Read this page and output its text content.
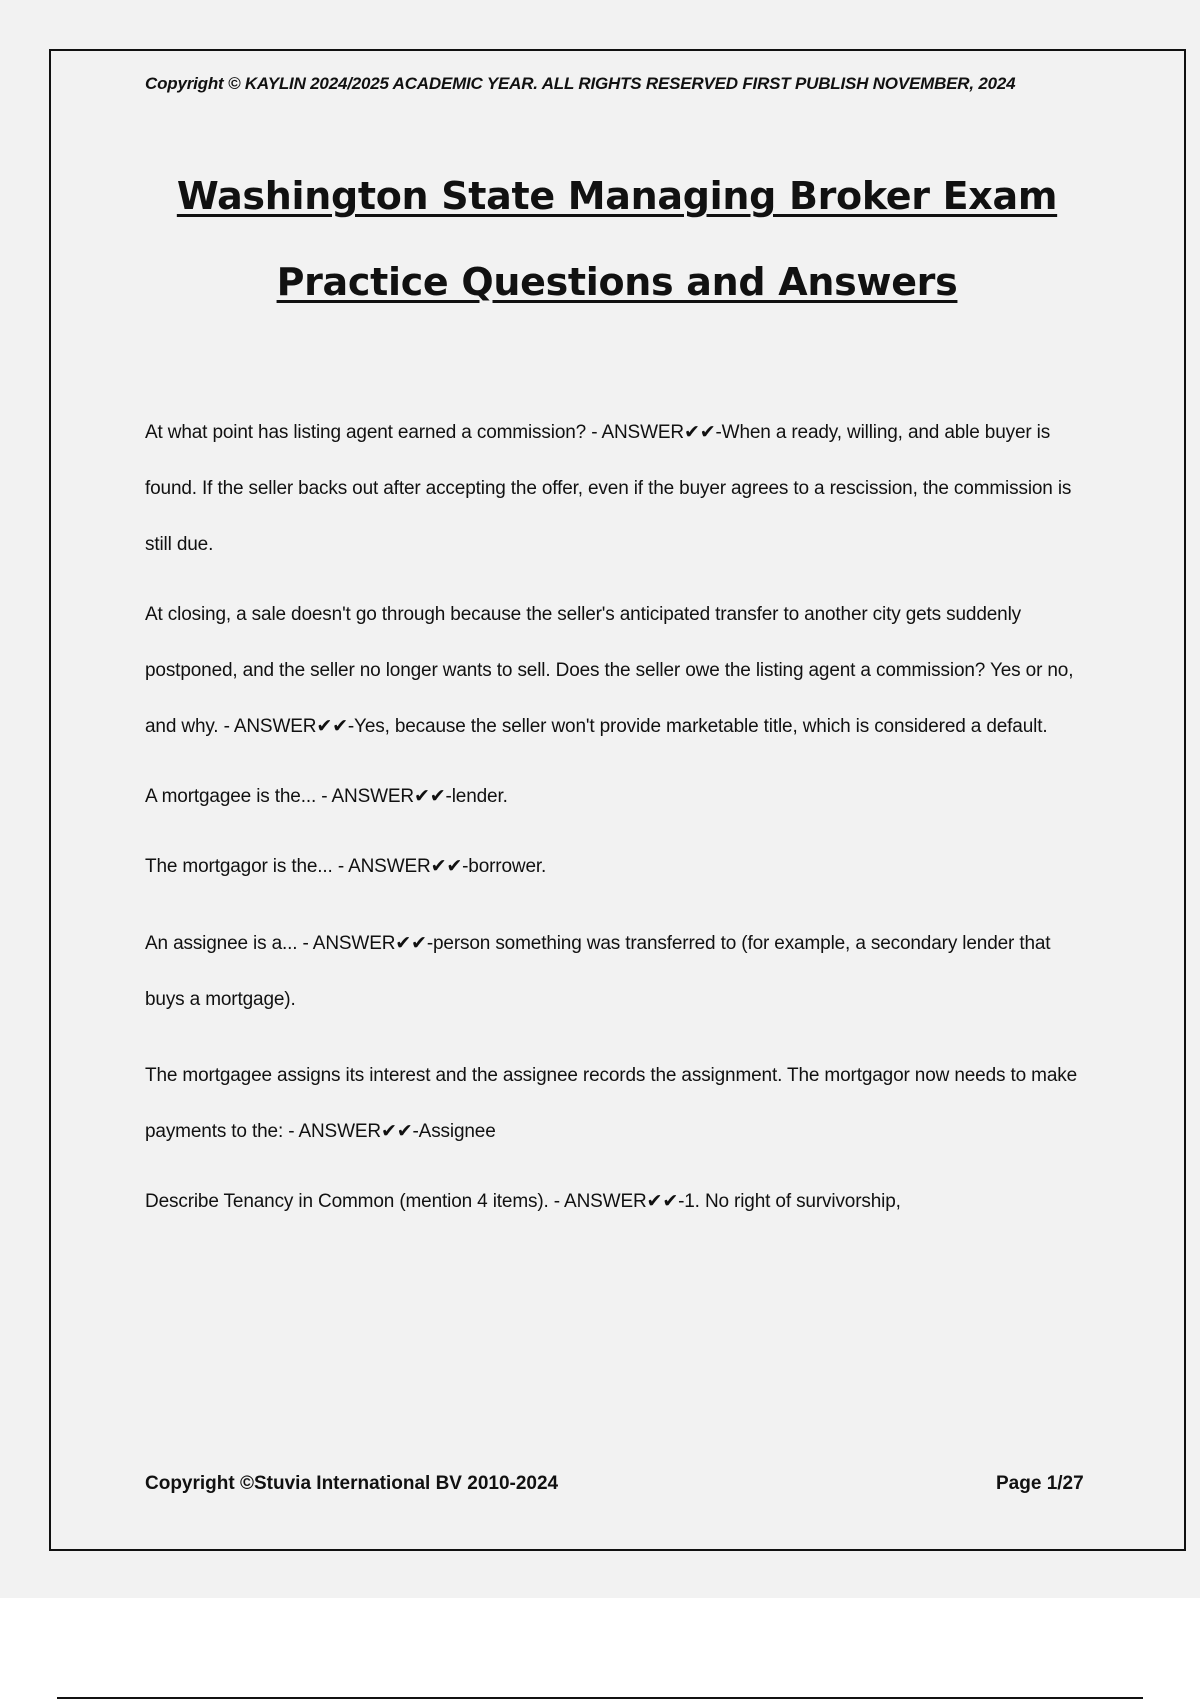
Copyright © KAYLIN 2024/2025 ACADEMIC YEAR. ALL RIGHTS RESERVED FIRST PUBLISH NOVEMBER, 2024
Washington State Managing Broker Exam
Practice Questions and Answers

At what point has listing agent earned a commission? - ANSWER✔✔-When a ready, willing, and able buyer is found. If the seller backs out after accepting the offer, even if the buyer agrees to a rescission, the commission is still due.

At closing, a sale doesn't go through because the seller's anticipated transfer to another city gets suddenly postponed, and the seller no longer wants to sell. Does the seller owe the listing agent a commission? Yes or no, and why. - ANSWER✔✔-Yes, because the seller won't provide marketable title, which is considered a default.

A mortgagee is the... - ANSWER✔✔-lender.

The mortgagor is the... - ANSWER✔✔-borrower.

An assignee is a... - ANSWER✔✔-person something was transferred to (for example, a secondary lender that buys a mortgage).

The mortgagee assigns its interest and the assignee records the assignment. The mortgagor now needs to make payments to the: - ANSWER✔✔-Assignee

Describe Tenancy in Common (mention 4 items). - ANSWER✔✔-1. No right of survivorship,

Copyright ©Stuvia International BV 2010-2024	Page 1/27
